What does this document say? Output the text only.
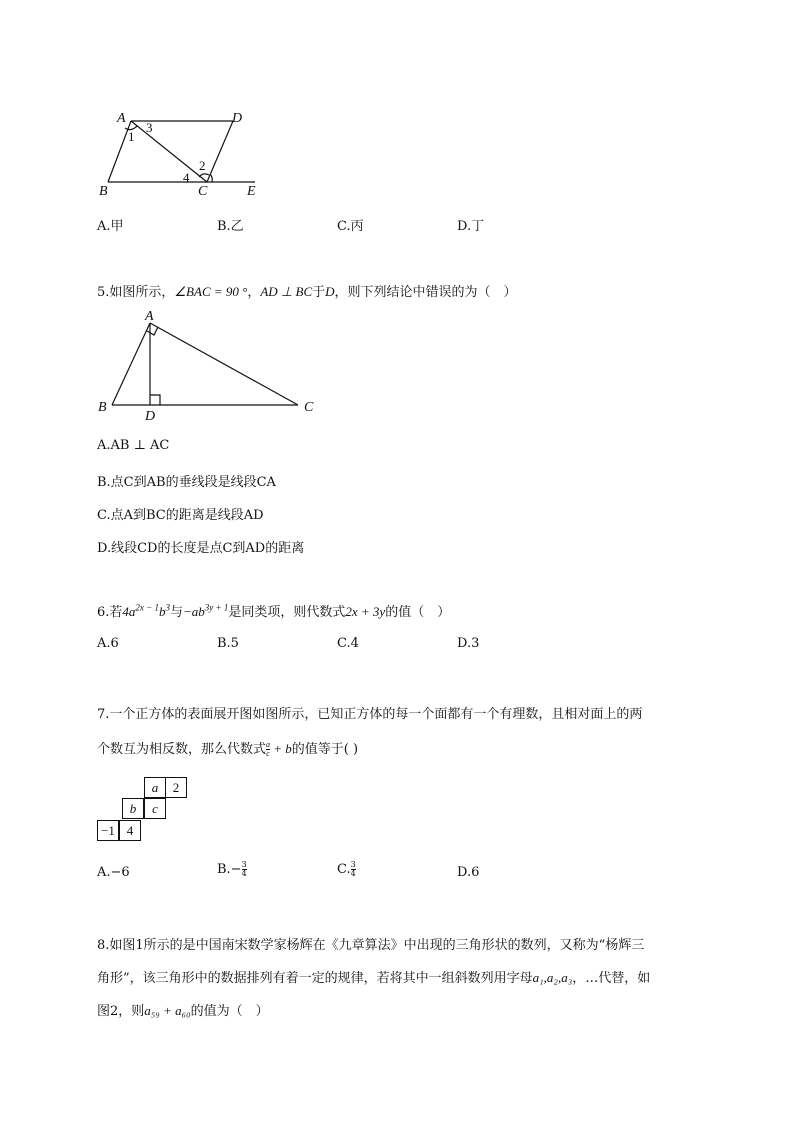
A	D
B	C	E
1
3
2
4
A.甲	B.乙	C.丙	D.丁
5.如图所示，∠BAC = 90 °，AD ⊥ BC于D，则下列结论中错误的为（　）
A
B	C
D
A.AB ⊥ AC
B.点C到AB的垂线段是线段CA
C.点A到BC的距离是线段AD
D.线段CD的长度是点C到AD的距离
6.若$4a^{2x - 1}b^3$与$-ab^{3y + 1}$是同类项，则代数式2x + 3y的值（　）
A.6	B.5	C.4	D.3
7.一个正方体的表面展开图如图所示，已知正方体的每一个面都有一个有理数，且相对面上的两
个数互为相反数，那么代数式 $\frac{a}{c} + b$的值等于( )
a	2
b	c
−1 4
A.−6	$B.- \frac{3}{4}$	C. $\frac{3}{4}$	D.6
8.如图1所示的是中国南宋数学家杨辉在《九章算法》中出现的三角形状的数列，又称为“杨辉三
角形”，该三角形中的数据排列有着一定的规律，若将其中一组斜数列用字母a₁,a₂,a₃，…代替，如
图2，则a₅₉ + a₆₀的值为（　）
